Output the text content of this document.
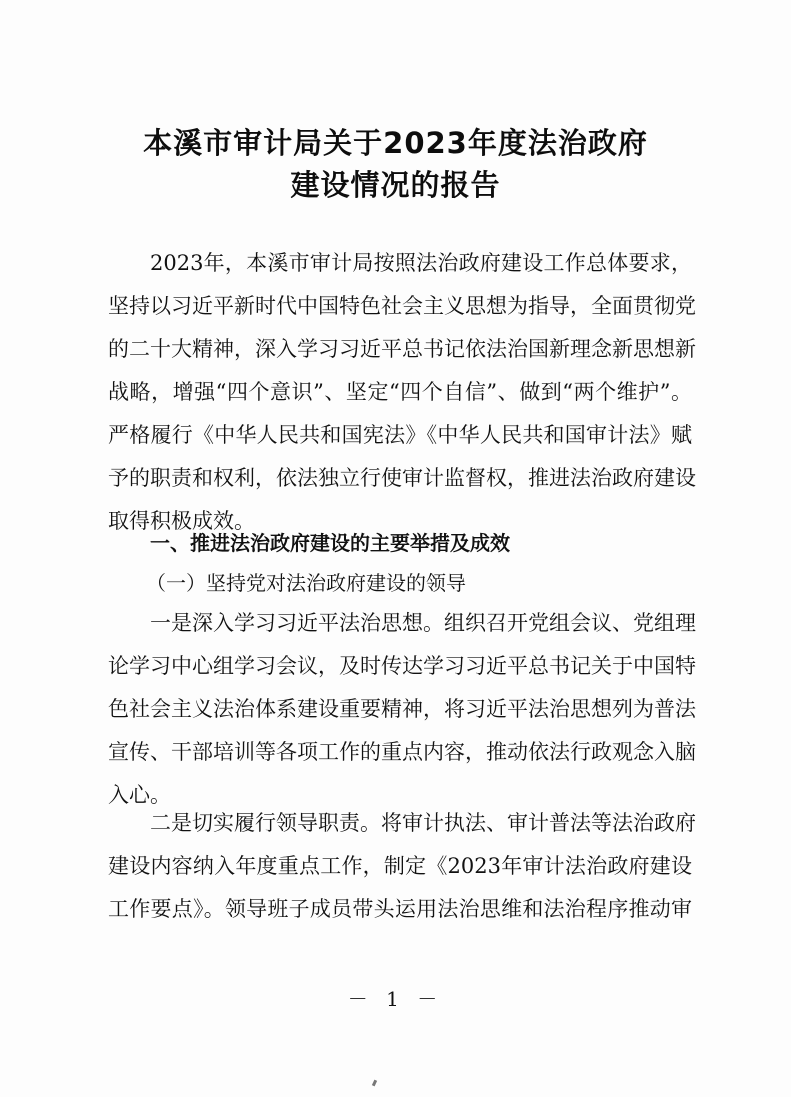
本溪市审计局关于2023年度法治政府
建设情况的报告
2023年，本溪市审计局按照法治政府建设工作总体要求，
坚持以习近平新时代中国特色社会主义思想为指导，全面贯彻党
的二十大精神，深入学习习近平总书记依法治国新理念新思想新
战略，增强“四个意识”、坚定“四个自信”、做到“两个维护”。
严格履行《中华人民共和国宪法》《中华人民共和国审计法》赋
予的职责和权利，依法独立行使审计监督权，推进法治政府建设
取得积极成效。
一、推进法治政府建设的主要举措及成效
（一）坚持党对法治政府建设的领导
一是深入学习习近平法治思想。组织召开党组会议、党组理
论学习中心组学习会议，及时传达学习习近平总书记关于中国特
色社会主义法治体系建设重要精神，将习近平法治思想列为普法
宣传、干部培训等各项工作的重点内容，推动依法行政观念入脑
入心。
二是切实履行领导职责。将审计执法、审计普法等法治政府
建设内容纳入年度重点工作，制定《2023年审计法治政府建设
工作要点》。领导班子成员带头运用法治思维和法治程序推动审
－ 1 －
